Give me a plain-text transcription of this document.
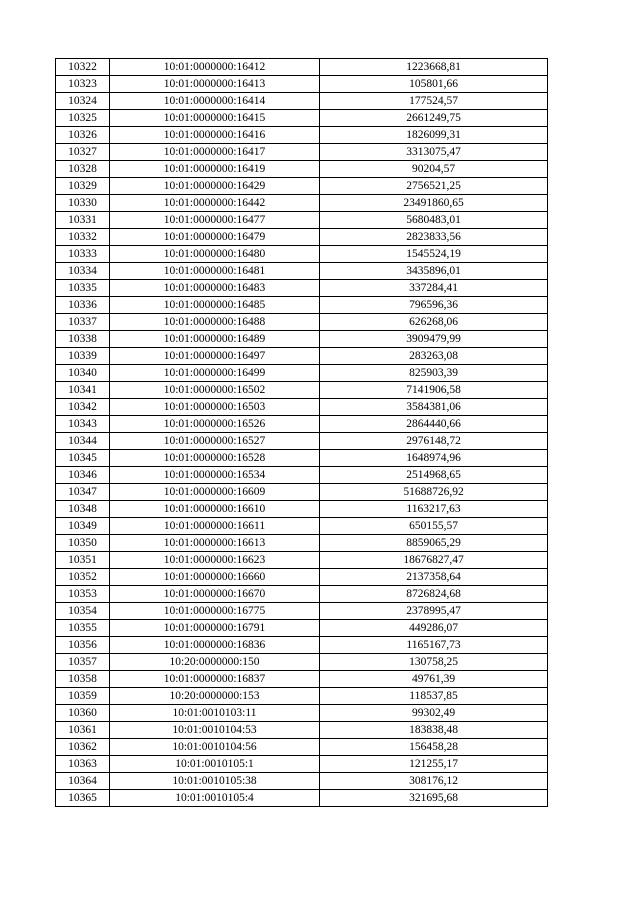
10322	10:01:0000000:16412	1223668,81
10323	10:01:0000000:16413	105801,66
10324	10:01:0000000:16414	177524,57
10325	10:01:0000000:16415	2661249,75
10326	10:01:0000000:16416	1826099,31
10327	10:01:0000000:16417	3313075,47
10328	10:01:0000000:16419	90204,57
10329	10:01:0000000:16429	2756521,25
10330	10:01:0000000:16442	23491860,65
10331	10:01:0000000:16477	5680483,01
10332	10:01:0000000:16479	2823833,56
10333	10:01:0000000:16480	1545524,19
10334	10:01:0000000:16481	3435896,01
10335	10:01:0000000:16483	337284,41
10336	10:01:0000000:16485	796596,36
10337	10:01:0000000:16488	626268,06
10338	10:01:0000000:16489	3909479,99
10339	10:01:0000000:16497	283263,08
10340	10:01:0000000:16499	825903,39
10341	10:01:0000000:16502	7141906,58
10342	10:01:0000000:16503	3584381,06
10343	10:01:0000000:16526	2864440,66
10344	10:01:0000000:16527	2976148,72
10345	10:01:0000000:16528	1648974,96
10346	10:01:0000000:16534	2514968,65
10347	10:01:0000000:16609	51688726,92
10348	10:01:0000000:16610	1163217,63
10349	10:01:0000000:16611	650155,57
10350	10:01:0000000:16613	8859065,29
10351	10:01:0000000:16623	18676827,47
10352	10:01:0000000:16660	2137358,64
10353	10:01:0000000:16670	8726824,68
10354	10:01:0000000:16775	2378995,47
10355	10:01:0000000:16791	449286,07
10356	10:01:0000000:16836	1165167,73
10357	10:20:0000000:150	130758,25
10358	10:01:0000000:16837	49761,39
10359	10:20:0000000:153	118537,85
10360	10:01:0010103:11	99302,49
10361	10:01:0010104:53	183838,48
10362	10:01:0010104:56	156458,28
10363	10:01:0010105:1	121255,17
10364	10:01:0010105:38	308176,12
10365	10:01:0010105:4	321695,68
